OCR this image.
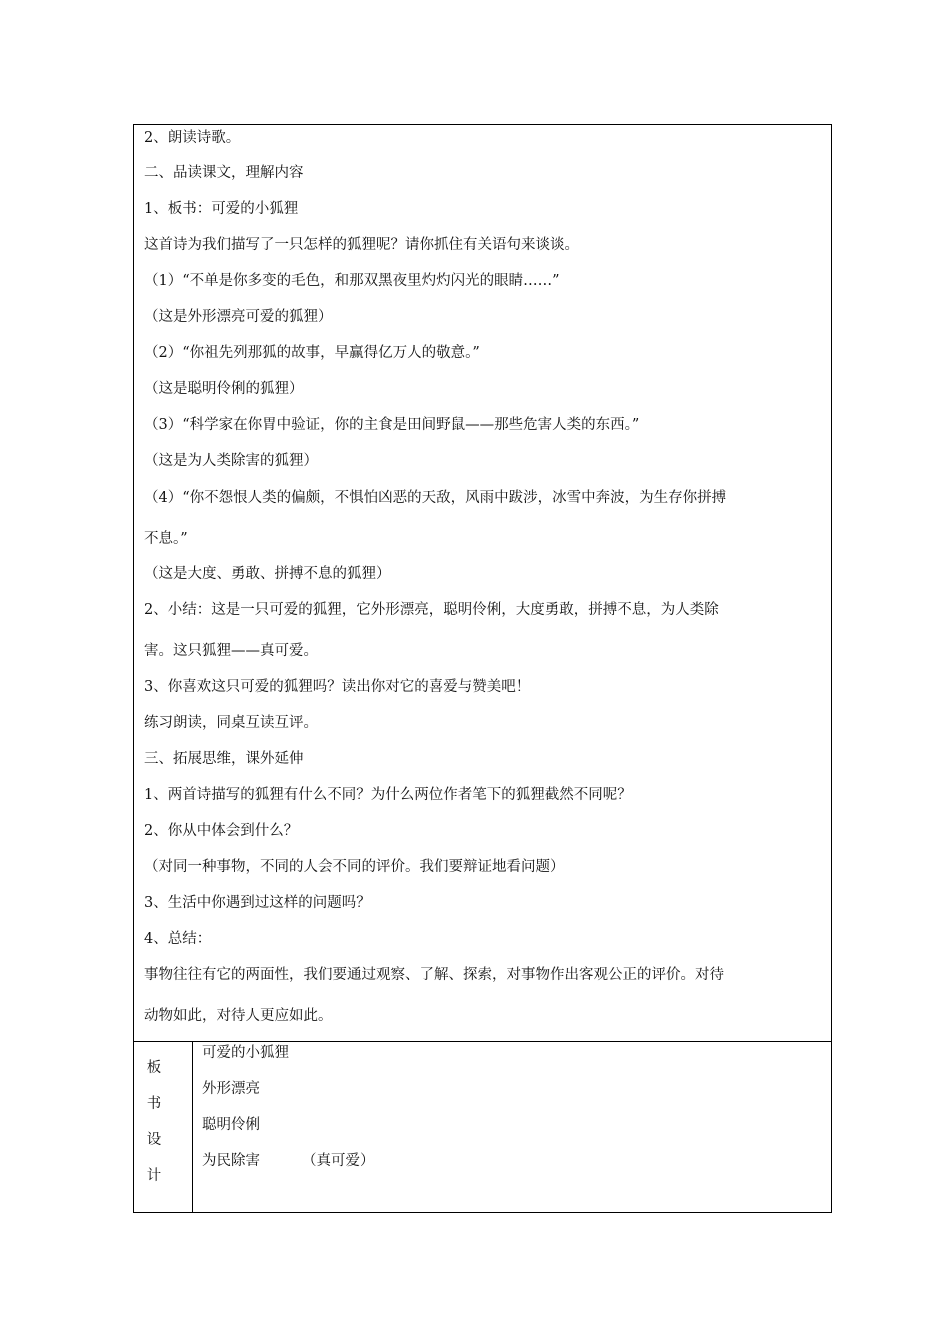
2、朗读诗歌。
二、品读课文，理解内容
1、板书：可爱的小狐狸
这首诗为我们描写了一只怎样的狐狸呢？请你抓住有关语句来谈谈。
（1）“不单是你多变的毛色，和那双黑夜里灼灼闪光的眼睛……”
（这是外形漂亮可爱的狐狸）
（2）“你祖先列那狐的故事，早赢得亿万人的敬意。”
（这是聪明伶俐的狐狸）
（3）“科学家在你胃中验证，你的主食是田间野鼠——那些危害人类的东西。”
（这是为人类除害的狐狸）
（4）“你不怨恨人类的偏颇，不惧怕凶恶的天敌，风雨中跋涉，冰雪中奔波，为生存你拼搏
不息。”
（这是大度、勇敢、拼搏不息的狐狸）
2、小结：这是一只可爱的狐狸，它外形漂亮，聪明伶俐，大度勇敢，拼搏不息，为人类除
害。这只狐狸——真可爱。
3、你喜欢这只可爱的狐狸吗？读出你对它的喜爱与赞美吧！
练习朗读，同桌互读互评。
三、拓展思维，课外延伸
1、两首诗描写的狐狸有什么不同？为什么两位作者笔下的狐狸截然不同呢？
2、你从中体会到什么？
（对同一种事物，不同的人会不同的评价。我们要辩证地看问题）
3、生活中你遇到过这样的问题吗？
4、总结：
事物往往有它的两面性，我们要通过观察、了解、探索，对事物作出客观公正的评价。对待
动物如此，对待人更应如此。
板
书
设
计
可爱的小狐狸
外形漂亮
聪明伶俐
为民除害	（真可爱）
